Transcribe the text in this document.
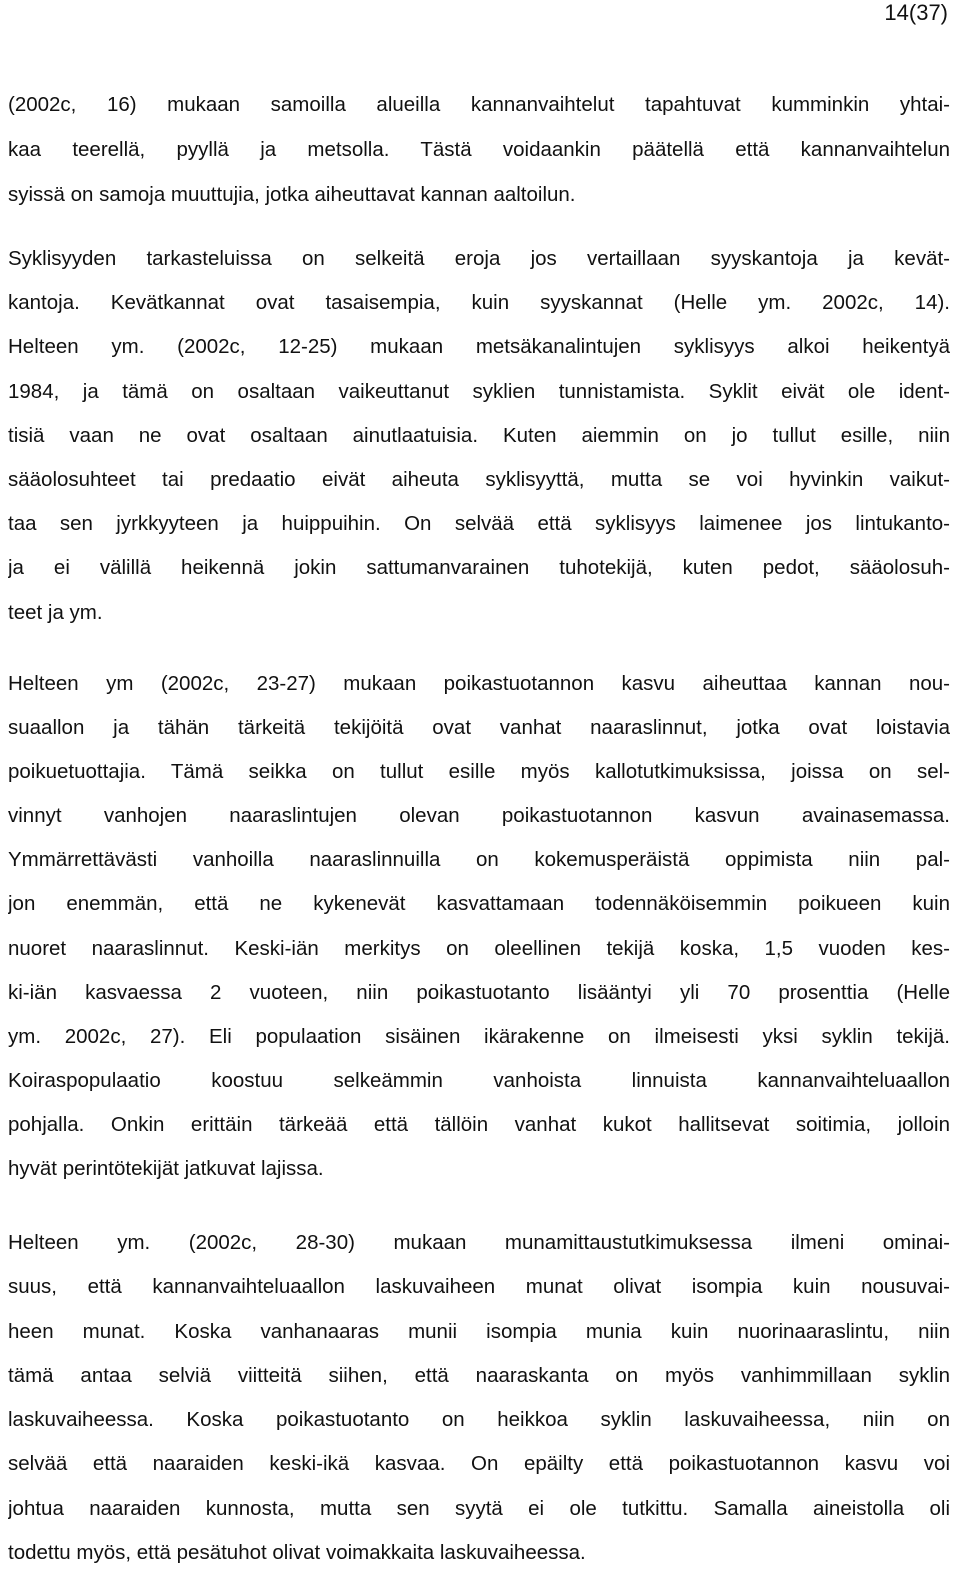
14(37)
(2002c, 16) mukaan samoilla alueilla kannanvaihtelut tapahtuvat kumminkin yhtai-
kaa teerellä, pyyllä ja metsolla. Tästä voidaankin päätellä että kannanvaihtelun
syissä on samoja muuttujia, jotka aiheuttavat kannan aaltoilun.
Syklisyyden tarkasteluissa on selkeitä eroja jos vertaillaan syyskantoja ja kevät-
kantoja. Kevätkannat ovat tasaisempia, kuin syyskannat (Helle ym. 2002c, 14).
Helteen ym. (2002c, 12-25) mukaan metsäkanalintujen syklisyys alkoi heikentyä
1984, ja tämä on osaltaan vaikeuttanut syklien tunnistamista. Syklit eivät ole ident-
tisiä vaan ne ovat osaltaan ainutlaatuisia. Kuten aiemmin on jo tullut esille, niin
sääolosuhteet tai predaatio eivät aiheuta syklisyyttä, mutta se voi hyvinkin vaikut-
taa sen jyrkkyyteen ja huippuihin. On selvää että syklisyys laimenee jos lintukanto-
ja ei välillä heikennä jokin sattumanvarainen tuhotekijä, kuten pedot, sääolosuh-
teet ja ym.
Helteen ym (2002c, 23-27) mukaan poikastuotannon kasvu aiheuttaa kannan nou-
suaallon ja tähän tärkeitä tekijöitä ovat vanhat naaraslinnut, jotka ovat loistavia
poikuetuottajia. Tämä seikka on tullut esille myös kallotutkimuksissa, joissa on sel-
vinnyt vanhojen naaraslintujen olevan poikastuotannon kasvun avainasemassa.
Ymmärrettävästi vanhoilla naaraslinnuilla on kokemusperäistä oppimista niin pal-
jon enemmän, että ne kykenevät kasvattamaan todennäköisemmin poikueen kuin
nuoret naaraslinnut. Keski-iän merkitys on oleellinen tekijä koska, 1,5 vuoden kes-
ki-iän kasvaessa 2 vuoteen, niin poikastuotanto lisääntyi yli 70 prosenttia (Helle
ym. 2002c, 27). Eli populaation sisäinen ikärakenne on ilmeisesti yksi syklin tekijä.
Koiraspopulaatio koostuu selkeämmin vanhoista linnuista kannanvaihteluaallon
pohjalla. Onkin erittäin tärkeää että tällöin vanhat kukot hallitsevat soitimia, jolloin
hyvät perintötekijät jatkuvat lajissa.
Helteen ym. (2002c, 28-30) mukaan munamittaustutkimuksessa ilmeni ominai-
suus, että kannanvaihteluaallon laskuvaiheen munat olivat isompia kuin nousuvai-
heen munat. Koska vanhanaaras munii isompia munia kuin nuorinaaraslintu, niin
tämä antaa selviä viitteitä siihen, että naaraskanta on myös vanhimmillaan syklin
laskuvaiheessa. Koska poikastuotanto on heikkoa syklin laskuvaiheessa, niin on
selvää että naaraiden keski-ikä kasvaa. On epäilty että poikastuotannon kasvu voi
johtua naaraiden kunnosta, mutta sen syytä ei ole tutkittu. Samalla aineistolla oli
todettu myös, että pesätuhot olivat voimakkaita laskuvaiheessa.
